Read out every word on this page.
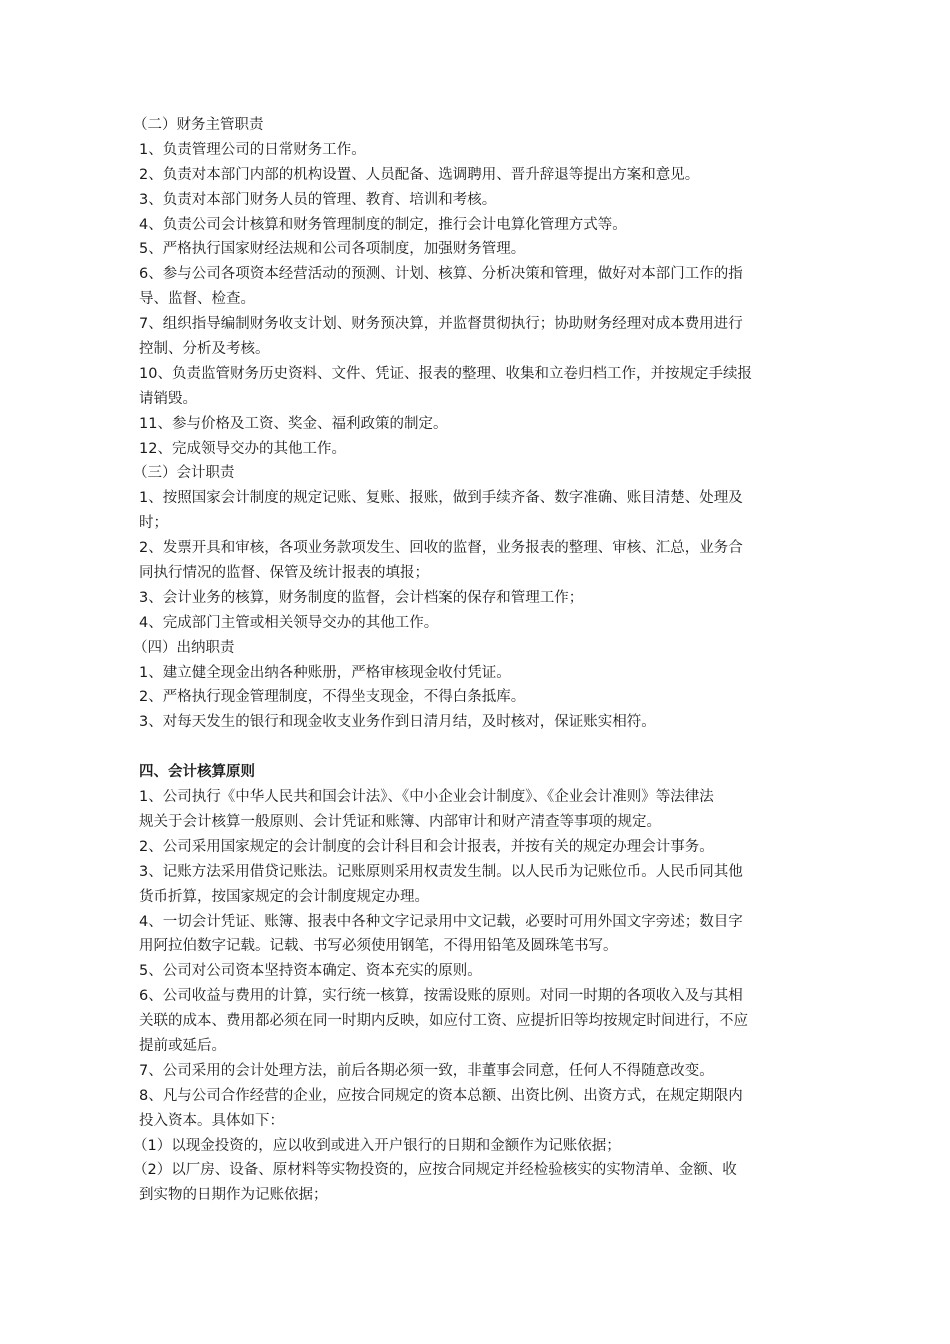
（二）财务主管职责
1、负责管理公司的日常财务工作。
2、负责对本部门内部的机构设置、人员配备、选调聘用、晋升辞退等提出方案和意见。
3、负责对本部门财务人员的管理、教育、培训和考核。
4、负责公司会计核算和财务管理制度的制定，推行会计电算化管理方式等。
5、严格执行国家财经法规和公司各项制度，加强财务管理。
6、参与公司各项资本经营活动的预测、计划、核算、分析决策和管理，做好对本部门工作的指
导、监督、检查。
7、组织指导编制财务收支计划、财务预决算，并监督贯彻执行；协助财务经理对成本费用进行
控制、分析及考核。
10、负责监管财务历史资料、文件、凭证、报表的整理、收集和立卷归档工作，并按规定手续报
请销毁。
11、参与价格及工资、奖金、福利政策的制定。
12、完成领导交办的其他工作。
（三）会计职责
1、按照国家会计制度的规定记账、复账、报账，做到手续齐备、数字准确、账目清楚、处理及
时；
2、发票开具和审核，各项业务款项发生、回收的监督，业务报表的整理、审核、汇总，业务合
同执行情况的监督、保管及统计报表的填报；
3、会计业务的核算，财务制度的监督，会计档案的保存和管理工作；
4、完成部门主管或相关领导交办的其他工作。
（四）出纳职责
1、建立健全现金出纳各种账册，严格审核现金收付凭证。
2、严格执行现金管理制度，不得坐支现金，不得白条抵库。
3、对每天发生的银行和现金收支业务作到日清月结，及时核对，保证账实相符。
四、会计核算原则
1、公司执行《中华人民共和国会计法》、《中小企业会计制度》、《企业会计准则》等法律法
规关于会计核算一般原则、会计凭证和账簿、内部审计和财产清查等事项的规定。
2、公司采用国家规定的会计制度的会计科目和会计报表，并按有关的规定办理会计事务。
3、记账方法采用借贷记账法。记账原则采用权责发生制。以人民币为记账位币。人民币同其他
货币折算，按国家规定的会计制度规定办理。
4、一切会计凭证、账簿、报表中各种文字记录用中文记载，必要时可用外国文字旁述；数目字
用阿拉伯数字记载。记载、书写必须使用钢笔，不得用铅笔及圆珠笔书写。
5、公司对公司资本坚持资本确定、资本充实的原则。
6、公司收益与费用的计算，实行统一核算，按需设账的原则。对同一时期的各项收入及与其相
关联的成本、费用都必须在同一时期内反映，如应付工资、应提折旧等均按规定时间进行，不应
提前或延后。
7、公司采用的会计处理方法，前后各期必须一致，非董事会同意，任何人不得随意改变。
8、凡与公司合作经营的企业，应按合同规定的资本总额、出资比例、出资方式，在规定期限内
投入资本。具体如下：
（1）以现金投资的，应以收到或进入开户银行的日期和金额作为记账依据；
（2）以厂房、设备、原材料等实物投资的，应按合同规定并经检验核实的实物清单、金额、收
到实物的日期作为记账依据；
